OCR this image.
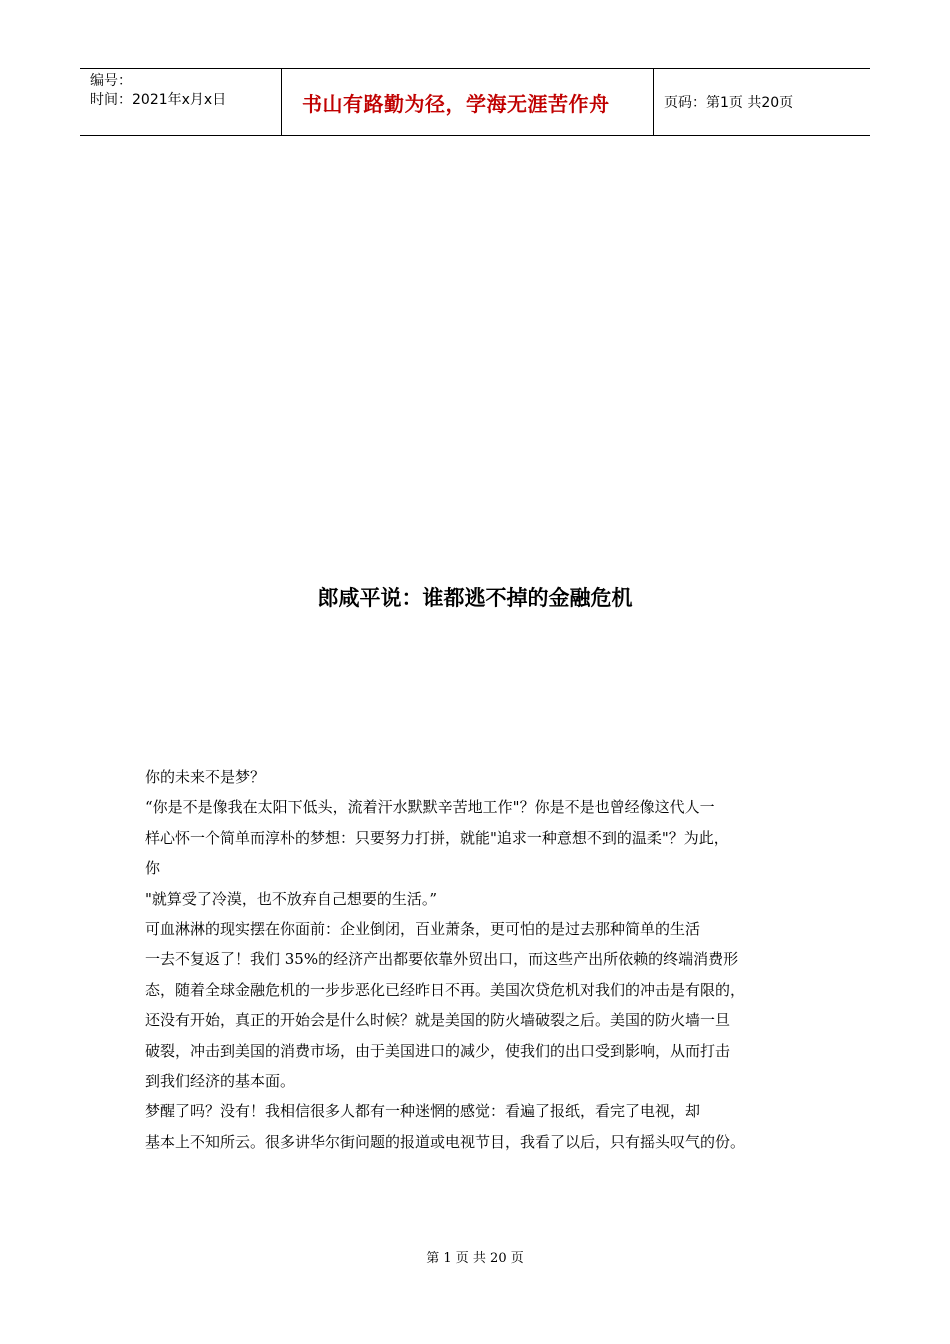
编号：
时间：2021年x月x日	书山有路勤为径，学海无涯苦作舟	页码：第1页 共20页
郎咸平说：谁都逃不掉的金融危机
你的未来不是梦？
“你是不是像我在太阳下低头，流着汗水默默辛苦地工作"？你是不是也曾经像这代人一
样心怀一个简单而淳朴的梦想：只要努力打拼，就能"追求一种意想不到的温柔"？为此，
你
"就算受了冷漠，也不放弃自己想要的生活。”
可血淋淋的现实摆在你面前：企业倒闭，百业萧条，更可怕的是过去那种简单的生活
一去不复返了！我们 35%的经济产出都要依靠外贸出口，而这些产出所依赖的终端消费形
态，随着全球金融危机的一步步恶化已经昨日不再。美国次贷危机对我们的冲击是有限的，
还没有开始，真正的开始会是什么时候？就是美国的防火墙破裂之后。美国的防火墙一旦
破裂，冲击到美国的消费市场，由于美国进口的减少，使我们的出口受到影响，从而打击
到我们经济的基本面。
梦醒了吗？没有！我相信很多人都有一种迷惘的感觉：看遍了报纸，看完了电视，却
基本上不知所云。很多讲华尔街问题的报道或电视节目，我看了以后，只有摇头叹气的份。
第 1 页 共 20 页
